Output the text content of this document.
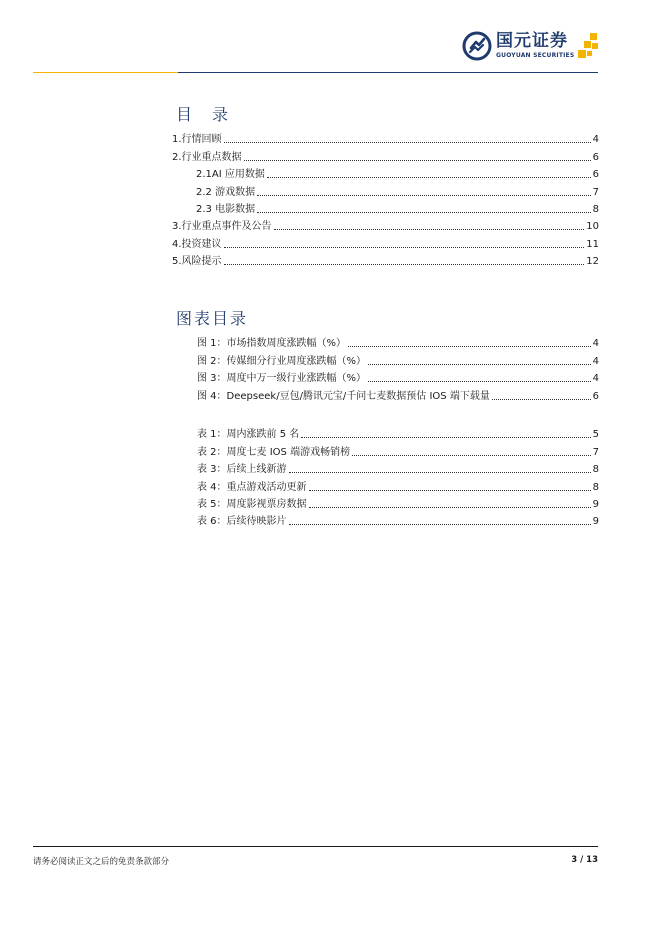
国元证券
GUOYUAN SECURITIES
目　录
1.行情回顾	4
2.行业重点数据	6
2.1AI 应用数据	6
2.2 游戏数据	7
2.3 电影数据	8
3.行业重点事件及公告	10
4.投资建议	11
5.风险提示	12
图表目录
图 1：市场指数周度涨跌幅（%）	4
图 2：传媒细分行业周度涨跌幅（%）	4
图 3：周度中万一级行业涨跌幅（%）	4
图 4：Deepseek/豆包/腾讯元宝/千问七麦数据预估 IOS 端下载量	6
表 1：周内涨跌前 5 名	5
表 2：周度七麦 IOS 端游戏畅销榜	7
表 3：后续上线新游	8
表 4：重点游戏活动更新	8
表 5：周度影视票房数据	9
表 6：后续待映影片	9
请务必阅读正文之后的免责条款部分	3 / 13
